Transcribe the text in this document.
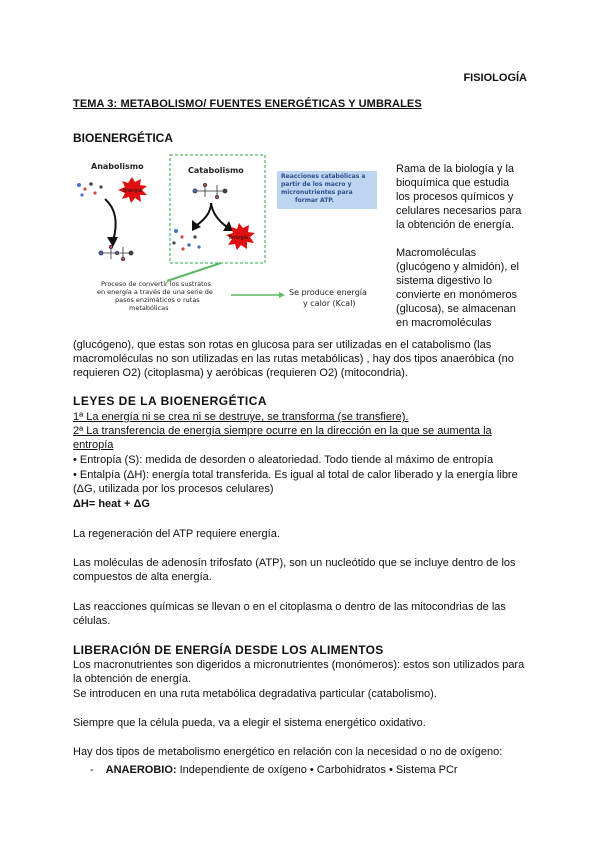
FISIOLOGÍA
TEMA 3: METABOLISMO/ FUENTES ENERGÉTICAS Y UMBRALES
BIOENERGÉTICA
Anabolismo	Catabolismo
Energía
Energía
Reacciones catabólicas a
partir de los macro y
micronutrientes para
formar ATP.
Proceso de convertir los sustratos
en energía a través de una serie de
pasos enzimáticos o rutas
metabólicas
Se produce energía
y calor (Kcal)

Rama de la biología y la

bioquímica que estudia

los procesos químicos y

celulares necesarios para

la obtención de energía.

Macromoléculas

(glucógeno y almidón), el

sistema digestivo lo

convierte en monómeros

(glucosa), se almacenan

en macromoléculas

(glucógeno), que estas son rotas en glucosa para ser utilizadas en el catabolismo (las

macromoléculas no son utilizadas en las rutas metabólicas) , hay dos tipos anaeróbica (no

requieren O2) (citoplasma) y aeróbicas (requieren O2) (mitocondria).

LEYES DE LA BIOENERGÉTICA
1ª La energía ni se crea ni se destruye, se transforma (se transfiere).
2ª La transferencia de energía siempre ocurre en la dirección en la que se aumenta la
entropía
• Entropía (S): medida de desorden o aleatoriedad. Todo tiende al máximo de entropía
• Entalpía (ΔH): energía total transferida. Es igual al total de calor liberado y la energía libre
(ΔG, utilizada por los procesos celulares)
ΔH= heat + ΔG
La regeneración del ATP requiere energía.
Las moléculas de adenosín trifosfato (ATP), son un nucleótido que se incluye dentro de los
compuestos de alta energía.
Las reacciones químicas se llevan o en el citoplasma o dentro de las mitocondrias de las
células.
LIBERACIÓN DE ENERGÍA DESDE LOS ALIMENTOS
Los macronutrientes son digeridos a micronutrientes (monómeros): estos son utilizados para
la obtención de energía.
Se introducen en una ruta metabólica degradativa particular (catabolismo).
Siempre que la célula pueda, va a elegir el sistema energético oxidativo.
Hay dos tipos de metabolismo energético en relación con la necesidad o no de oxígeno:
- ANAEROBIO: Independiente de oxígeno • Carbohidratos • Sistema PCr
